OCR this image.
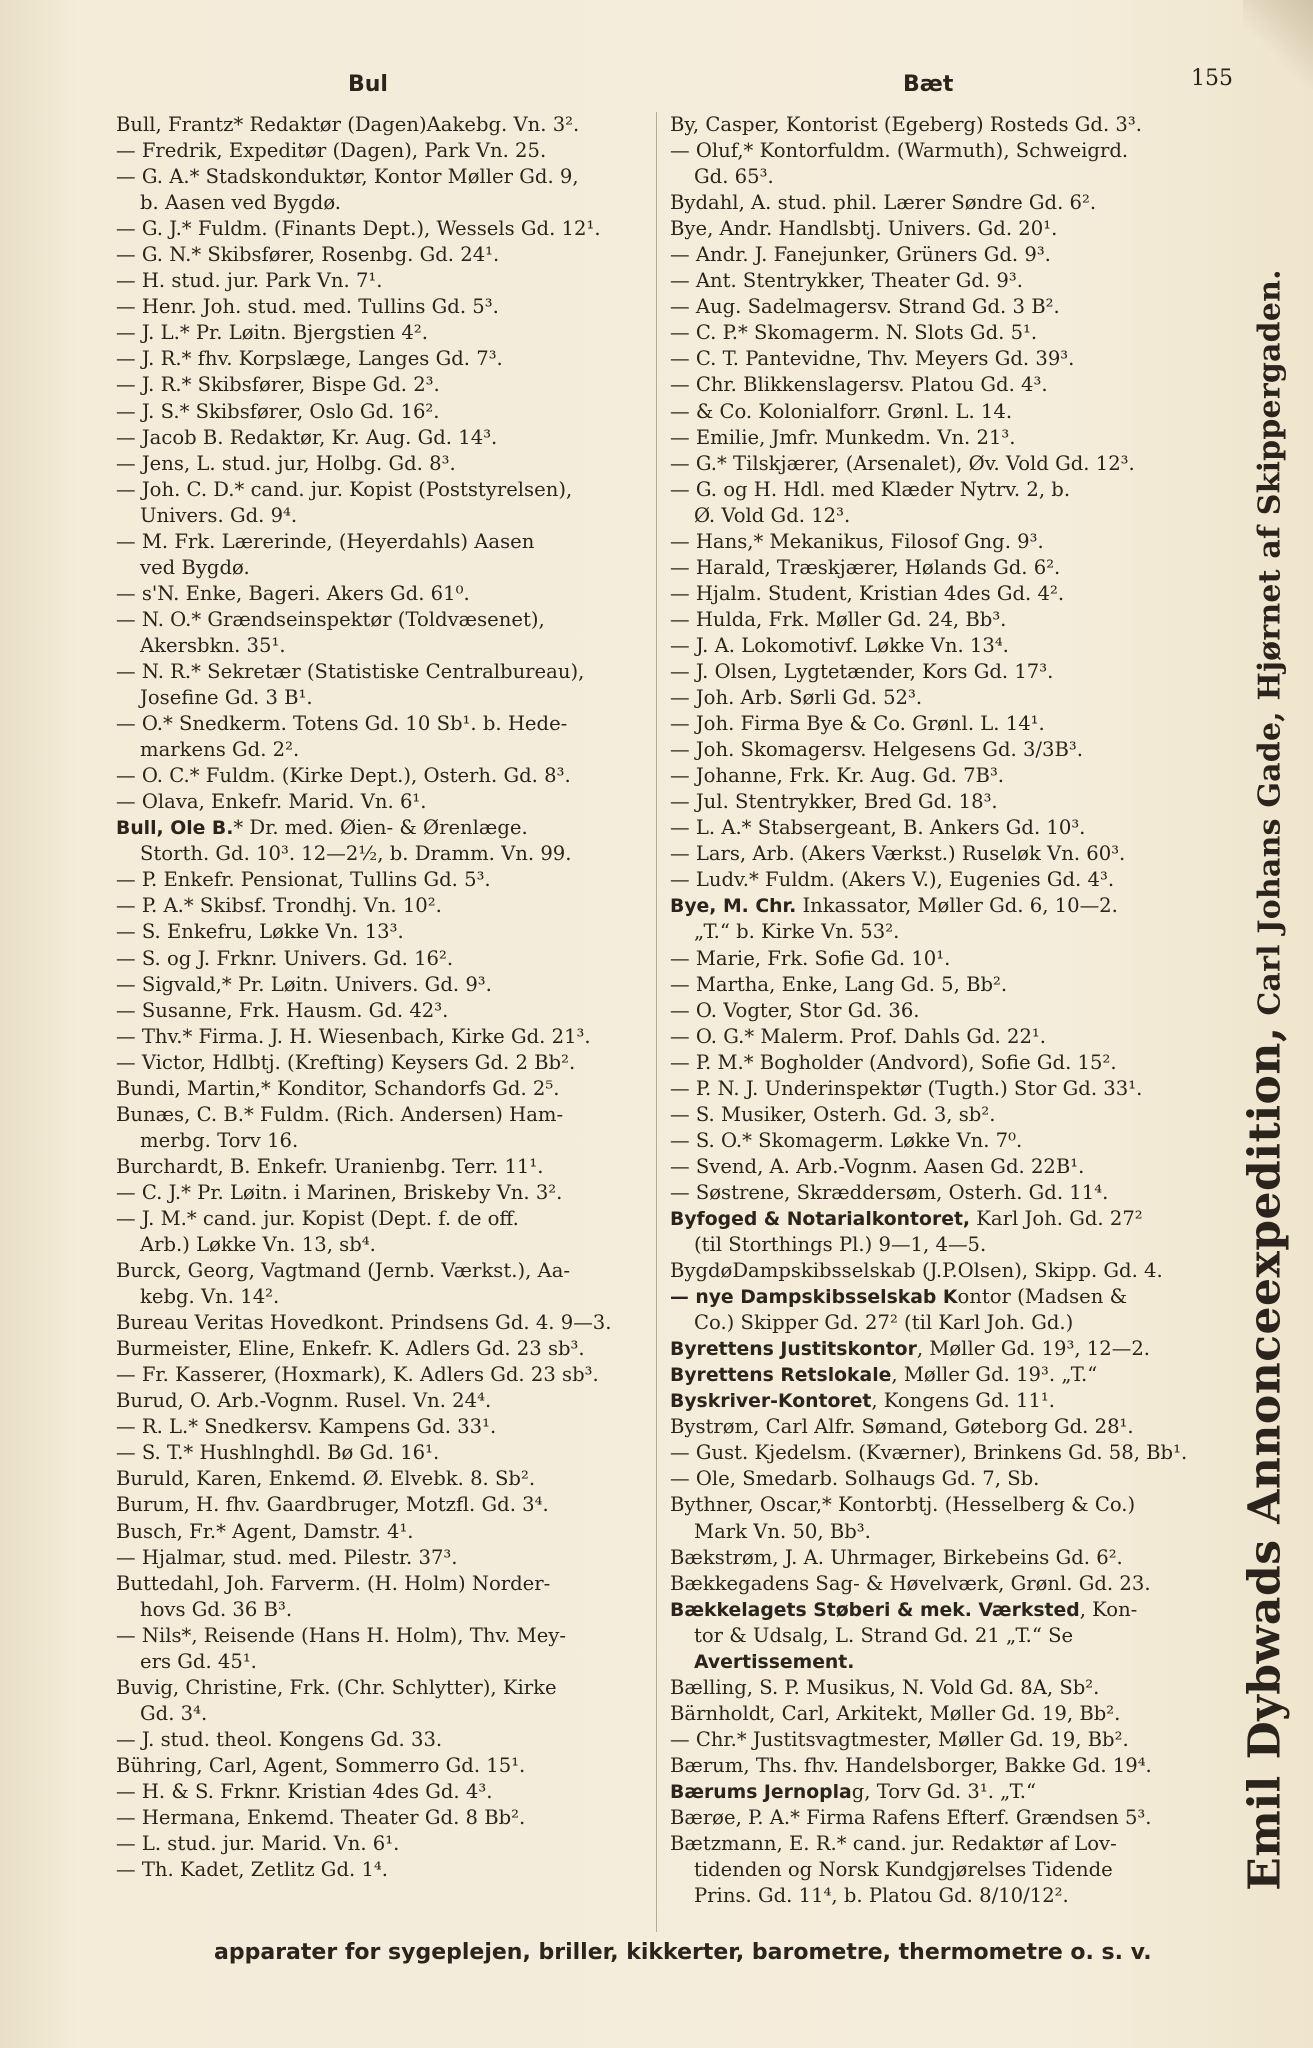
Bul	Bæt	155
Bull, Frantz* Redaktør (Dagen)Aakebg. Vn. 3².
— Fredrik, Expeditør (Dagen), Park Vn. 25.
— G. A.* Stadskonduktør, Kontor Møller Gd. 9,
b. Aasen ved Bygdø.
— G. J.* Fuldm. (Finants Dept.), Wessels Gd. 12¹.
— G. N.* Skibsfører, Rosenbg. Gd. 24¹.
— H. stud. jur. Park Vn. 7¹.
— Henr. Joh. stud. med. Tullins Gd. 5³.
— J. L.* Pr. Løitn. Bjergstien 4².
— J. R.* fhv. Korpslæge, Langes Gd. 7³.
— J. R.* Skibsfører, Bispe Gd. 2³.
— J. S.* Skibsfører, Oslo Gd. 16².
— Jacob B. Redaktør, Kr. Aug. Gd. 14³.
— Jens, L. stud. jur, Holbg. Gd. 8³.
— Joh. C. D.* cand. jur. Kopist (Poststyrelsen),
Univers. Gd. 9⁴.
— M. Frk. Lærerinde, (Heyerdahls) Aasen
ved Bygdø.
— s'N. Enke, Bageri. Akers Gd. 61⁰.
— N. O.* Grændseinspektør (Toldvæsenet),
Akersbkn. 35¹.
— N. R.* Sekretær (Statistiske Centralbureau),
Josefine Gd. 3 B¹.
— O.* Snedkerm. Totens Gd. 10 Sb¹. b. Hede-
markens Gd. 2².
— O. C.* Fuldm. (Kirke Dept.), Osterh. Gd. 8³.
— Olava, Enkefr. Marid. Vn. 6¹.
Bull, Ole B.* Dr. med. Øien- & Ørenlæge.
Storth. Gd. 10³. 12—2½, b. Dramm. Vn. 99.
— P. Enkefr. Pensionat, Tullins Gd. 5³.
— P. A.* Skibsf. Trondhj. Vn. 10².
— S. Enkefru, Løkke Vn. 13³.
— S. og J. Frknr. Univers. Gd. 16².
— Sigvald,* Pr. Løitn. Univers. Gd. 9³.
— Susanne, Frk. Hausm. Gd. 42³.
— Thv.* Firma. J. H. Wiesenbach, Kirke Gd. 21³.
— Victor, Hdlbtj. (Krefting) Keysers Gd. 2 Bb².
Bundi, Martin,* Konditor, Schandorfs Gd. 2⁵.
Bunæs, C. B.* Fuldm. (Rich. Andersen) Ham-
merbg. Torv 16.
Burchardt, B. Enkefr. Uranienbg. Terr. 11¹.
— C. J.* Pr. Løitn. i Marinen, Briskeby Vn. 3².
— J. M.* cand. jur. Kopist (Dept. f. de off.
Arb.) Løkke Vn. 13, sb⁴.
Burck, Georg, Vagtmand (Jernb. Værkst.), Aa-
kebg. Vn. 14².
Bureau Veritas Hovedkont. Prindsens Gd. 4. 9—3.
Burmeister, Eline, Enkefr. K. Adlers Gd. 23 sb³.
— Fr. Kasserer, (Hoxmark), K. Adlers Gd. 23 sb³.
Burud, O. Arb.-Vognm. Rusel. Vn. 24⁴.
— R. L.* Snedkersv. Kampens Gd. 33¹.
— S. T.* Hushlnghdl. Bø Gd. 16¹.
Buruld, Karen, Enkemd. Ø. Elvebk. 8. Sb².
Burum, H. fhv. Gaardbruger, Motzfl. Gd. 3⁴.
Busch, Fr.* Agent, Damstr. 4¹.
— Hjalmar, stud. med. Pilestr. 37³.
Buttedahl, Joh. Farverm. (H. Holm) Norder-
hovs Gd. 36 B³.
— Nils*, Reisende (Hans H. Holm), Thv. Mey-
ers Gd. 45¹.
Buvig, Christine, Frk. (Chr. Schlytter), Kirke
Gd. 3⁴.
— J. stud. theol. Kongens Gd. 33.
Bühring, Carl, Agent, Sommerro Gd. 15¹.
— H. & S. Frknr. Kristian 4des Gd. 4³.
— Hermana, Enkemd. Theater Gd. 8 Bb².
— L. stud. jur. Marid. Vn. 6¹.
— Th. Kadet, Zetlitz Gd. 1⁴.
By, Casper, Kontorist (Egeberg) Rosteds Gd. 3³.
— Oluf,* Kontorfuldm. (Warmuth), Schweigrd.
Gd. 65³.
Bydahl, A. stud. phil. Lærer Søndre Gd. 6².
Bye, Andr. Handlsbtj. Univers. Gd. 20¹.
— Andr. J. Fanejunker, Grüners Gd. 9³.
— Ant. Stentrykker, Theater Gd. 9³.
— Aug. Sadelmagersv. Strand Gd. 3 B².
— C. P.* Skomagerm. N. Slots Gd. 5¹.
— C. T. Pantevidne, Thv. Meyers Gd. 39³.
— Chr. Blikkenslagersv. Platou Gd. 4³.
— & Co. Kolonialforr. Grønl. L. 14.
— Emilie, Jmfr. Munkedm. Vn. 21³.
— G.* Tilskjærer, (Arsenalet), Øv. Vold Gd. 12³.
— G. og H. Hdl. med Klæder Nytrv. 2, b.
Ø. Vold Gd. 12³.
— Hans,* Mekanikus, Filosof Gng. 9³.
— Harald, Træskjærer, Hølands Gd. 6².
— Hjalm. Student, Kristian 4des Gd. 4².
— Hulda, Frk. Møller Gd. 24, Bb³.
— J. A. Lokomotivf. Løkke Vn. 13⁴.
— J. Olsen, Lygtetænder, Kors Gd. 17³.
— Joh. Arb. Sørli Gd. 52³.
— Joh. Firma Bye & Co. Grønl. L. 14¹.
— Joh. Skomagersv. Helgesens Gd. 3/3B³.
— Johanne, Frk. Kr. Aug. Gd. 7B³.
— Jul. Stentrykker, Bred Gd. 18³.
— L. A.* Stabsergeant, B. Ankers Gd. 10³.
— Lars, Arb. (Akers Værkst.) Ruseløk Vn. 60³.
— Ludv.* Fuldm. (Akers V.), Eugenies Gd. 4³.
Bye, M. Chr. Inkassator, Møller Gd. 6, 10—2.
„T.“ b. Kirke Vn. 53².
— Marie, Frk. Sofie Gd. 10¹.
— Martha, Enke, Lang Gd. 5, Bb².
— O. Vogter, Stor Gd. 36.
— O. G.* Malerm. Prof. Dahls Gd. 22¹.
— P. M.* Bogholder (Andvord), Sofie Gd. 15².
— P. N. J. Underinspektør (Tugth.) Stor Gd. 33¹.
— S. Musiker, Osterh. Gd. 3, sb².
— S. O.* Skomagerm. Løkke Vn. 7⁰.
— Svend, A. Arb.-Vognm. Aasen Gd. 22B¹.
— Søstrene, Skræddersøm, Osterh. Gd. 11⁴.
Byfoged & Notarialkontoret, Karl Joh. Gd. 27²
(til Storthings Pl.) 9—1, 4—5.
BygdøDampskibsselskab (J.P.Olsen), Skipp. Gd. 4.
— nye Dampskibsselskab Kontor (Madsen &
Co.) Skipper Gd. 27² (til Karl Joh. Gd.)
Byrettens Justitskontor, Møller Gd. 19³, 12—2.
Byrettens Retslokale, Møller Gd. 19³. „T.“
Byskriver-Kontoret, Kongens Gd. 11¹.
Bystrøm, Carl Alfr. Sømand, Gøteborg Gd. 28¹.
— Gust. Kjedelsm. (Kværner), Brinkens Gd. 58, Bb¹.
— Ole, Smedarb. Solhaugs Gd. 7, Sb.
Bythner, Oscar,* Kontorbtj. (Hesselberg & Co.)
Mark Vn. 50, Bb³.
Bækstrøm, J. A. Uhrmager, Birkebeins Gd. 6².
Bækkegadens Sag- & Høvelværk, Grønl. Gd. 23.
Bækkelagets Støberi & mek. Værksted, Kon-
tor & Udsalg, L. Strand Gd. 21 „T.“ Se
Avertissement.
Bælling, S. P. Musikus, N. Vold Gd. 8A, Sb².
Bärnholdt, Carl, Arkitekt, Møller Gd. 19, Bb².
— Chr.* Justitsvagtmester, Møller Gd. 19, Bb².
Bærum, Ths. fhv. Handelsborger, Bakke Gd. 19⁴.
Bærums Jernoplag, Torv Gd. 3¹. „T.“
Bærøe, P. A.* Firma Rafens Efterf. Grændsen 5³.
Bætzmann, E. R.* cand. jur. Redaktør af Lov-
tidenden og Norsk Kundgjørelses Tidende
Prins. Gd. 11⁴, b. Platou Gd. 8/10/12².
Emil Dybwads Annonceexpedition, Carl Johans Gade, Hjørnet af Skippergaden.
apparater for sygeplejen, briller, kikkerter, barometre, thermometre o. s. v.
